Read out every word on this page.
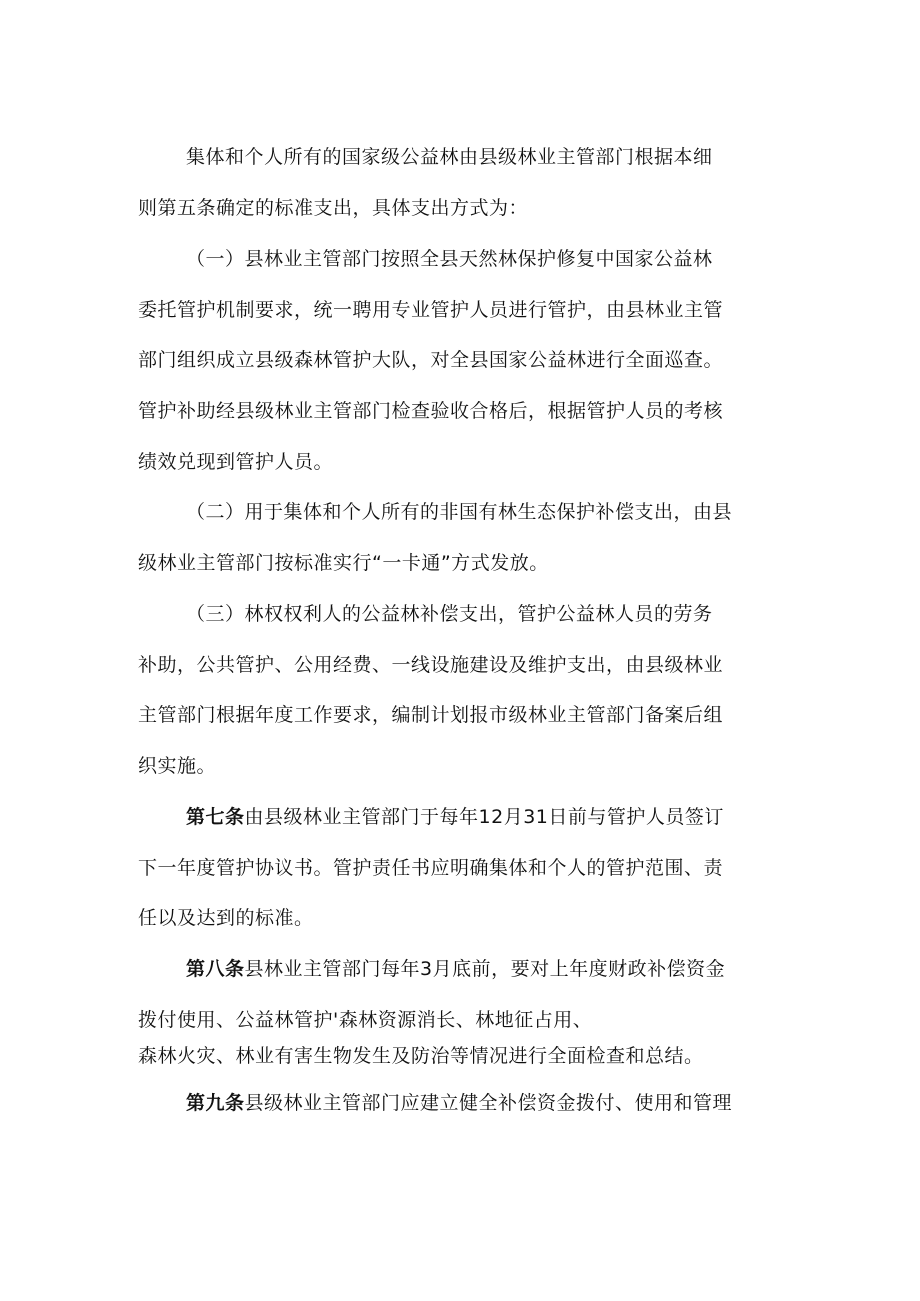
集体和个人所有的国家级公益林由县级林业主管部门根据本细
则第五条确定的标准支出，具体支出方式为：
（一）县林业主管部门按照全县天然林保护修复中国家公益林
委托管护机制要求，统一聘用专业管护人员进行管护，由县林业主管
部门组织成立县级森林管护大队，对全县国家公益林进行全面巡查。
管护补助经县级林业主管部门检查验收合格后，根据管护人员的考核
绩效兑现到管护人员。
（二）用于集体和个人所有的非国有林生态保护补偿支出，由县
级林业主管部门按标准实行“一卡通”方式发放。
（三）林权权利人的公益林补偿支出，管护公益林人员的劳务
补助，公共管护、公用经费、一线设施建设及维护支出，由县级林业
主管部门根据年度工作要求，编制计划报市级林业主管部门备案后组
织实施。
第七条由县级林业主管部门于每年12月31日前与管护人员签订
下一年度管护协议书。管护责任书应明确集体和个人的管护范围、责
任以及达到的标准。
第八条县林业主管部门每年3月底前，要对上年度财政补偿资金
拨付使用、公益林管护'森林资源消长、林地征占用、
森林火灾、林业有害生物发生及防治等情况进行全面检查和总结。
第九条县级林业主管部门应建立健全补偿资金拨付、使用和管理
